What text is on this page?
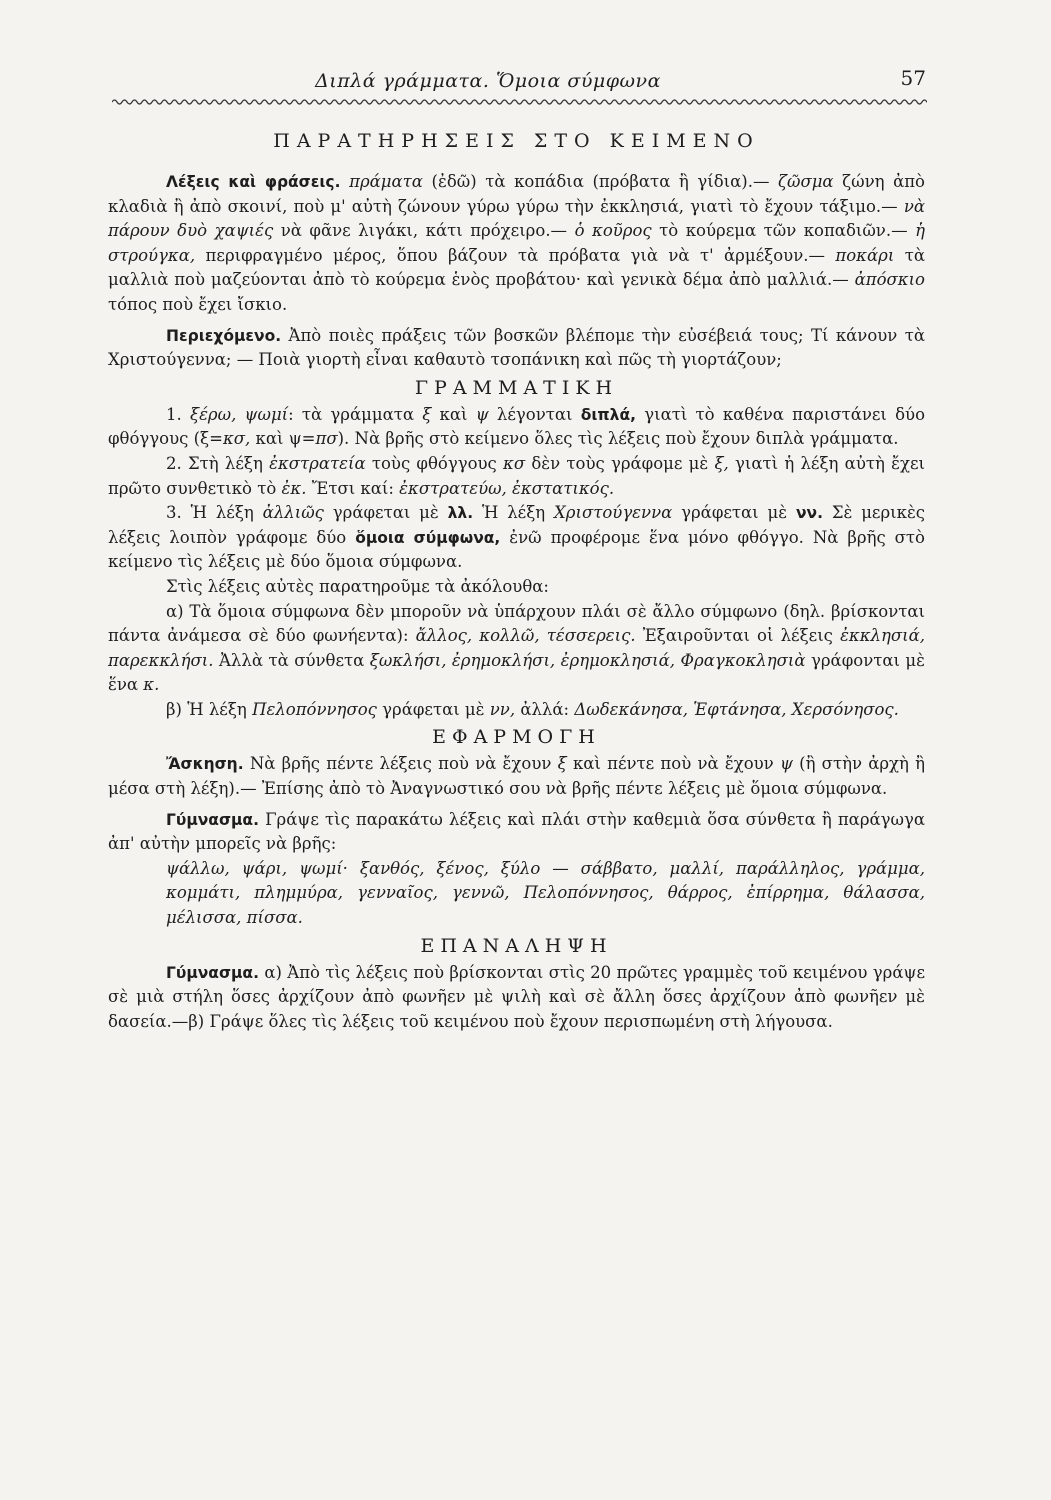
Διπλά γράμματα. Ὅμοια σύμφωνα	57
ΠΑΡΑΤΗΡΗΣΕΙΣ ΣΤΟ ΚΕΙΜΕΝΟ

Λέξεις καὶ φράσεις. πράματα (ἐδῶ) τὰ κοπάδια (πρόβατα ἢ γίδια).— ζῶσμα ζώνη ἀπὸ κλαδιὰ ἢ ἀπὸ σκοινί, ποὺ μ' αὐτὴ ζώνουν γύρω γύρω τὴν ἐκκλησιά, γιατὶ τὸ ἔχουν τάξιμο.— νὰ πάρουν δυὸ χαψιές νὰ φᾶνε λιγάκι, κάτι πρόχειρο.— ὁ κοῦρος τὸ κούρεμα τῶν κοπαδιῶν.— ἡ στρούγκα, περιφραγμένο μέρος, ὅπου βάζουν τὰ πρόβατα γιὰ νὰ τ' ἀρμέξουν.— ποκάρι τὰ μαλλιὰ ποὺ μαζεύονται ἀπὸ τὸ κούρεμα ἑνὸς προβάτου· καὶ γενικὰ δέμα ἀπὸ μαλλιά.— ἀπόσκιο τόπος ποὺ ἔχει ἴσκιο.

Περιεχόμενο. Ἀπὸ ποιὲς πράξεις τῶν βοσκῶν βλέπομε τὴν εὐσέβειά τους; Τί κάνουν τὰ Χριστούγεννα; — Ποιὰ γιορτὴ εἶναι καθαυτὸ τσοπάνικη καὶ πῶς τὴ γιορτάζουν;

ΓΡΑΜΜΑΤΙΚΗ

1. ξέρω, ψωμί: τὰ γράμματα ξ καὶ ψ λέγονται διπλά, γιατὶ τὸ καθένα παριστάνει δύο φθόγγους (ξ=κσ, καὶ ψ=πσ). Νὰ βρῆς στὸ κείμενο ὅλες τὶς λέξεις ποὺ ἔχουν διπλὰ γράμματα.

2. Στὴ λέξη ἐκστρατεία τοὺς φθόγγους κσ δὲν τοὺς γράφομε μὲ ξ, γιατὶ ἡ λέξη αὐτὴ ἔχει πρῶτο συνθετικὸ τὸ ἐκ. Ἔτσι καί: ἐκστρατεύω, ἐκστατικός.

3. Ἡ λέξη ἀλλιῶς γράφεται μὲ λλ. Ἡ λέξη Χριστούγεννα γράφεται μὲ νν. Σὲ μερικὲς λέξεις λοιπὸν γράφομε δύο ὅμοια σύμφωνα, ἐνῶ προφέρομε ἕνα μόνο φθόγγο. Νὰ βρῆς στὸ κείμενο τὶς λέξεις μὲ δύο ὅμοια σύμφωνα.

Στὶς λέξεις αὐτὲς παρατηροῦμε τὰ ἀκόλουθα:

α) Τὰ ὅμοια σύμφωνα δὲν μποροῦν νὰ ὑπάρχουν πλάι σὲ ἄλλο σύμφωνο (δηλ. βρίσκονται πάντα ἀνάμεσα σὲ δύο φωνήεντα): ἄλλος, κολλῶ, τέσσερεις. Ἐξαιροῦνται οἱ λέξεις ἐκκλησιά, παρεκκλήσι. Ἀλλὰ τὰ σύνθετα ξωκλήσι, ἐρημοκλήσι, ἐρημοκλησιά, Φραγκοκλησιὰ γράφονται μὲ ἕνα κ.

β) Ἡ λέξη Πελοπόννησος γράφεται μὲ νν, ἀλλά: Δωδεκάνησα, Ἑφτάνησα, Χερσόνησος.

ΕΦΑΡΜΟΓΗ

Ἄσκηση. Νὰ βρῆς πέντε λέξεις ποὺ νὰ ἔχουν ξ καὶ πέντε ποὺ νὰ ἔχουν ψ (ἢ στὴν ἀρχὴ ἢ μέσα στὴ λέξη).— Ἐπίσης ἀπὸ τὸ Ἀναγνωστικό σου νὰ βρῆς πέντε λέξεις μὲ ὅμοια σύμφωνα.

Γύμνασμα. Γράψε τὶς παρακάτω λέξεις καὶ πλάι στὴν καθεμιὰ ὅσα σύνθετα ἢ παράγωγα ἀπ' αὐτὴν μπορεῖς νὰ βρῆς:

ψάλλω, ψάρι, ψωμί· ξανθός, ξένος, ξύλο — σάββατο, μαλλί, παράλληλος, γράμμα, κομμάτι, πλημμύρα, γενναῖος, γεννῶ, Πελοπόννησος, θάρρος, ἐπίρρημα, θάλασσα, μέλισσα, πίσσα.

ΕΠΑΝΑΛΗΨΗ

Γύμνασμα. α) Ἀπὸ τὶς λέξεις ποὺ βρίσκονται στὶς 20 πρῶτες γραμμὲς τοῦ κειμένου γράψε σὲ μιὰ στήλη ὅσες ἀρχίζουν ἀπὸ φωνῆεν μὲ ψιλὴ καὶ σὲ ἄλλη ὅσες ἀρχίζουν ἀπὸ φωνῆεν μὲ δασεία.—β) Γράψε ὅλες τὶς λέξεις τοῦ κειμένου ποὺ ἔχουν περισπωμένη στὴ λήγουσα.
